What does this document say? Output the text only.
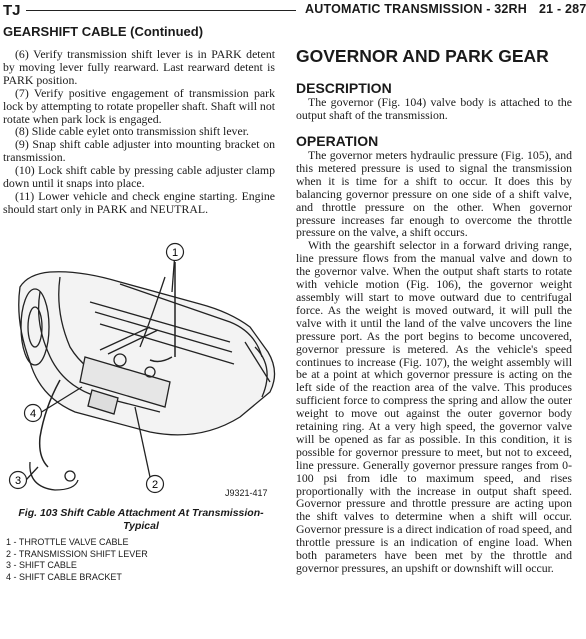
TJ	AUTOMATIC TRANSMISSION - 32RH 21 - 287
GEARSHIFT CABLE (Continued)

(6) Verify transmission shift lever is in PARK detent by moving lever fully rearward. Last rearward detent is PARK position.

(7) Verify positive engagement of transmission park lock by attempting to rotate propeller shaft. Shaft will not rotate when park lock is engaged.

(8) Slide cable eylet onto transmission shift lever.

(9) Snap shift cable adjuster into mounting bracket on transmission.

(10) Lock shift cable by pressing cable adjuster clamp down until it snaps into place.

(11) Lower vehicle and check engine starting. Engine should start only in PARK and NEUTRAL.

1
2
3
4
J9321-417
Fig. 103 Shift Cable Attachment At Transmission-Typical
1 - THROTTLE VALVE CABLE
2 - TRANSMISSION SHIFT LEVER
3 - SHIFT CABLE
4 - SHIFT CABLE BRACKET
GOVERNOR AND PARK GEAR
DESCRIPTION

The governor (Fig. 104) valve body is attached to the output shaft of the transmission.

OPERATION

The governor meters hydraulic pressure (Fig. 105), and this metered pressure is used to signal the transmission when it is time for a shift to occur. It does this by balancing governor pressure on one side of a shift valve, and throttle pressure on the other. When governor pressure increases far enough to overcome the throttle pressure on the valve, a shift occurs.

With the gearshift selector in a forward driving range, line pressure flows from the manual valve and down to the governor valve. When the output shaft starts to rotate with vehicle motion (Fig. 106), the governor weight assembly will start to move outward due to centrifugal force. As the weight is moved outward, it will pull the valve with it until the land of the valve uncovers the line pressure port. As the port begins to become uncovered, governor pressure is metered. As the vehicle's speed continues to increase (Fig. 107), the weight assembly will be at a point at which governor pressure is acting on the left side of the reaction area of the valve. This produces sufficient force to compress the spring and allow the outer weight to move out against the outer governor body retaining ring. At a very high speed, the governor valve will be opened as far as possible. In this condition, it is possible for governor pressure to meet, but not to exceed, line pressure. Generally governor pressure ranges from 0-100 psi from idle to maximum speed, and rises proportionally with the increase in output shaft speed. Governor pressure and throttle pressure are acting upon the shift valves to determine when a shift will occur. Governor pressure is a direct indication of road speed, and throttle pressure is an indication of engine load. When both parameters have been met by the throttle and governor pressures, an upshift or downshift will occur.
